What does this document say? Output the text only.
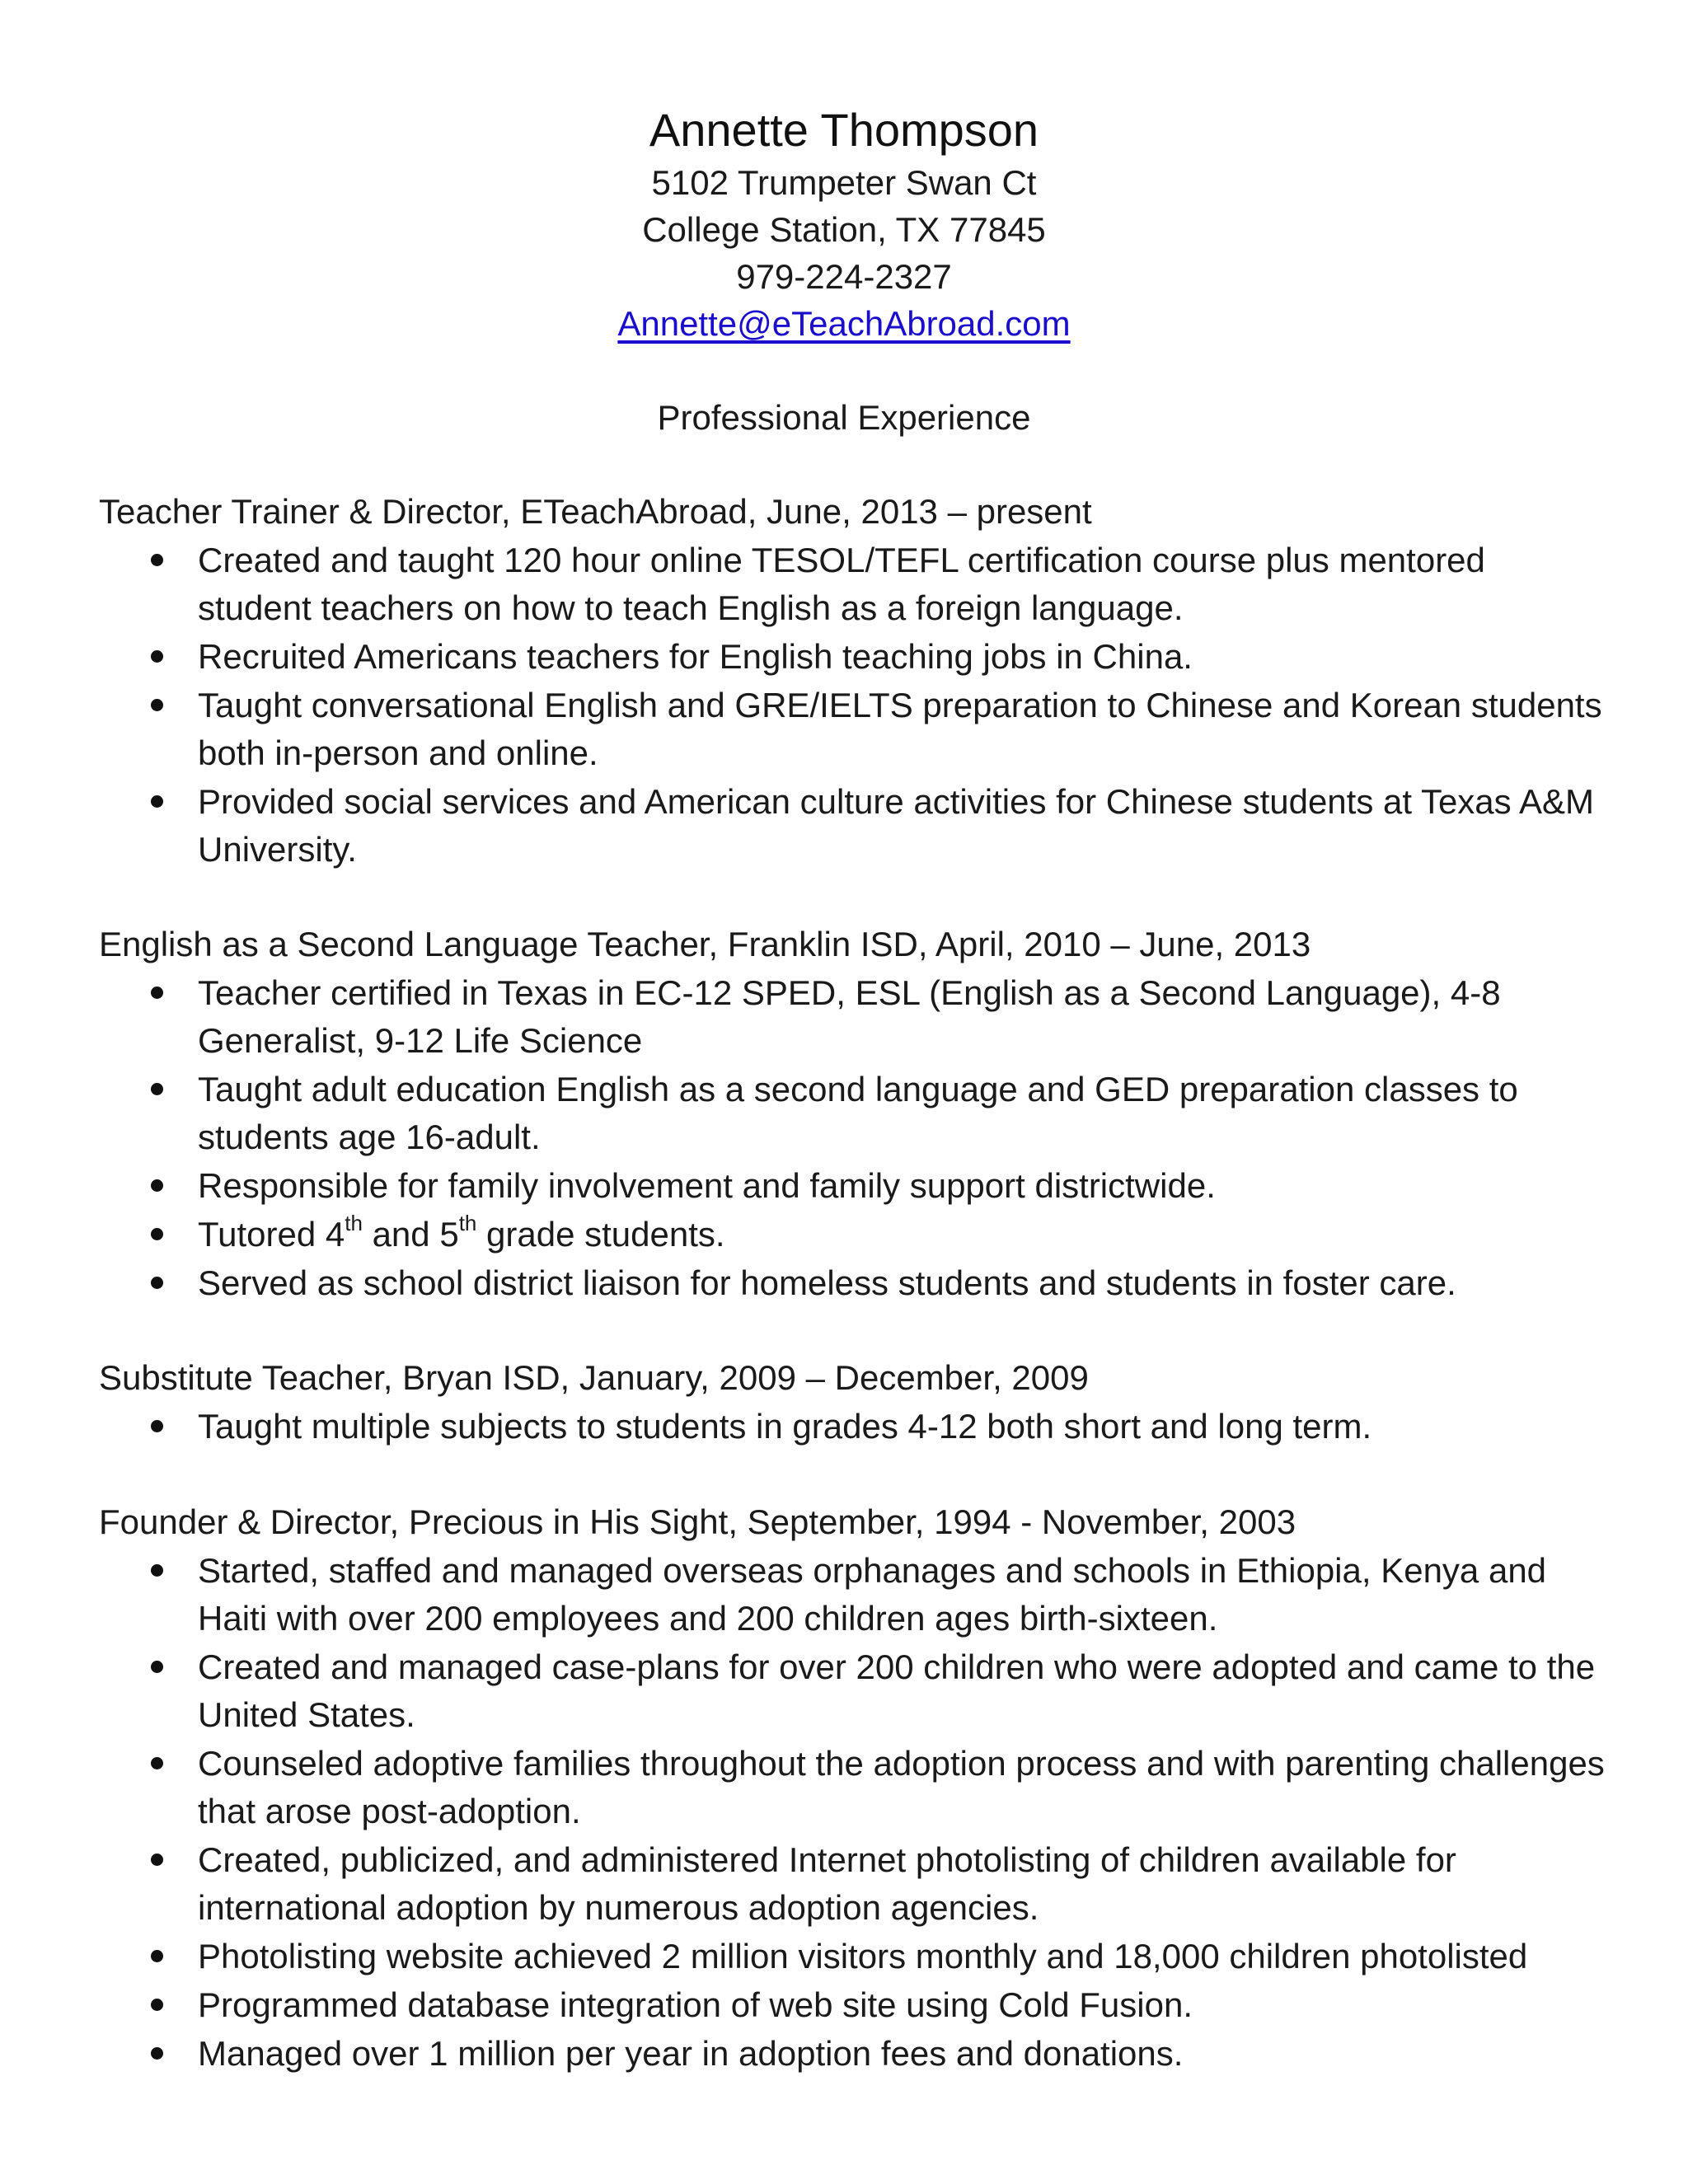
Annette Thompson
5102 Trumpeter Swan Ct
College Station, TX 77845
979-224-2327
Annette@eTeachAbroad.com
Professional Experience

Teacher Trainer & Director, ETeachAbroad, June, 2013 – present

Created and taught 120 hour online TESOL/TEFL certification course plus mentored student teachers on how to teach English as a foreign language.
Recruited Americans teachers for English teaching jobs in China.
Taught conversational English and GRE/IELTS preparation to Chinese and Korean students both in-person and online.
Provided social services and American culture activities for Chinese students at Texas A&M University.

English as a Second Language Teacher, Franklin ISD, April, 2010 – June, 2013

Teacher certified in Texas in EC-12 SPED, ESL (English as a Second Language), 4-8 Generalist, 9-12 Life Science
Taught adult education English as a second language and GED preparation classes to students age 16-adult.
Responsible for family involvement and family support districtwide.
Tutored 4th and 5th grade students.
Served as school district liaison for homeless students and students in foster care.

Substitute Teacher, Bryan ISD, January, 2009 – December, 2009

Taught multiple subjects to students in grades 4-12 both short and long term.

Founder & Director, Precious in His Sight, September, 1994 - November, 2003

Started, staffed and managed overseas orphanages and schools in Ethiopia, Kenya and Haiti with over 200 employees and 200 children ages birth-sixteen.
Created and managed case-plans for over 200 children who were adopted and came to the United States.
Counseled adoptive families throughout the adoption process and with parenting challenges that arose post-adoption.
Created, publicized, and administered Internet photolisting of children available for international adoption by numerous adoption agencies.
Photolisting website achieved 2 million visitors monthly and 18,000 children photolisted
Programmed database integration of web site using Cold Fusion.
Managed over 1 million per year in adoption fees and donations.
